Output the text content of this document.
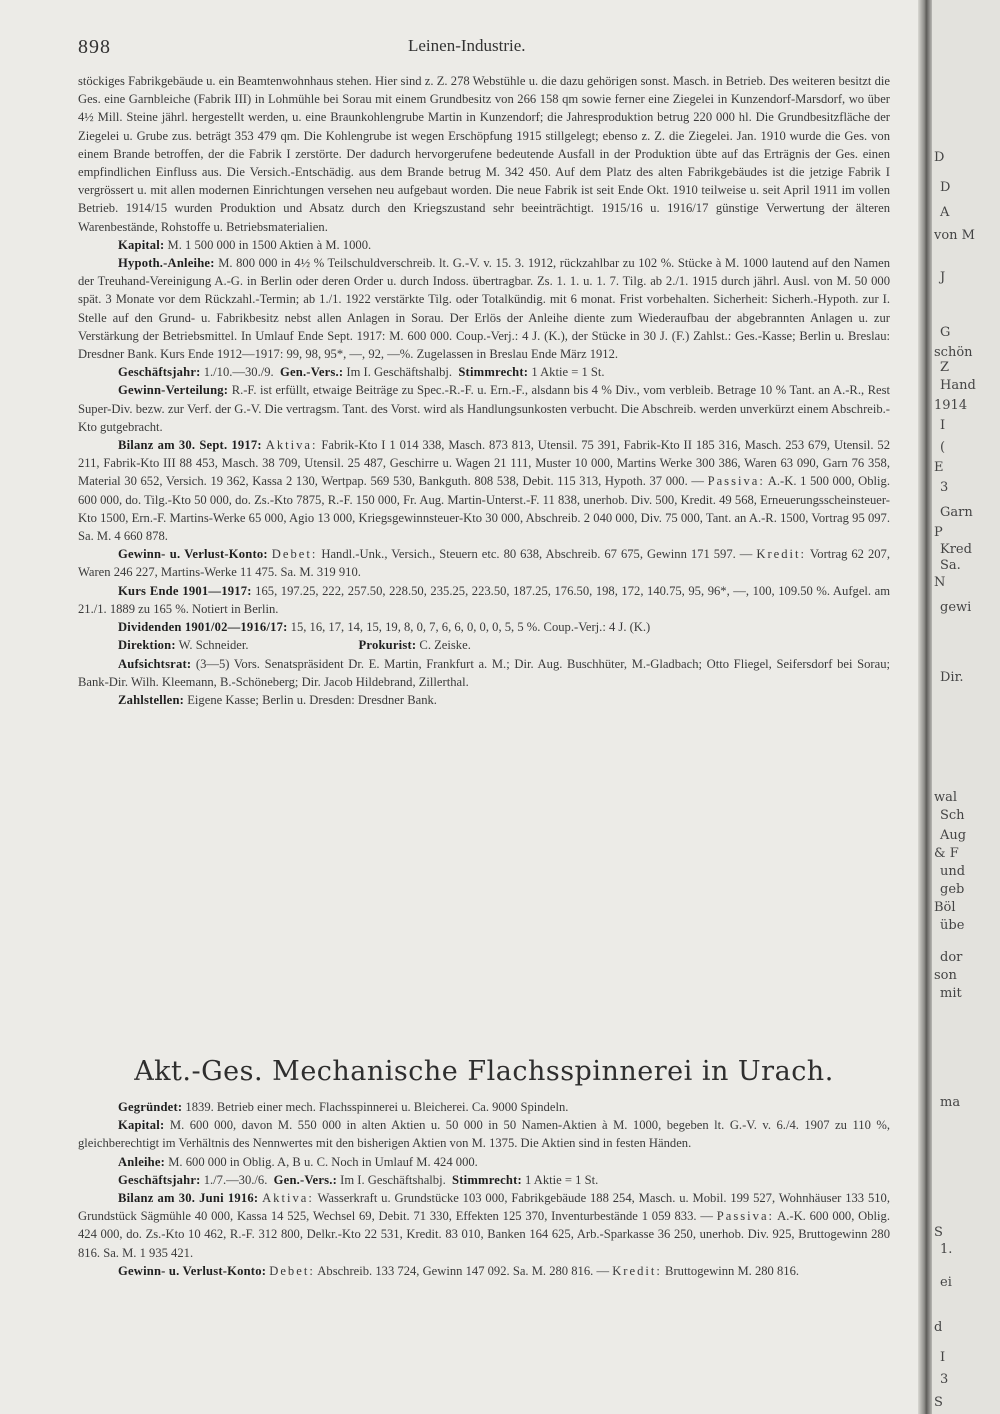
898	Leinen-Industrie.

stöckiges Fabrikgebäude u. ein Beamtenwohnhaus stehen. Hier sind z. Z. 278 Webstühle u. die dazu gehörigen sonst. Masch. in Betrieb. Des weiteren besitzt die Ges. eine Garnbleiche (Fabrik III) in Lohmühle bei Sorau mit einem Grundbesitz von 266 158 qm sowie ferner eine Ziegelei in Kunzendorf-Marsdorf, wo über 4½ Mill. Steine jährl. hergestellt werden, u. eine Braunkohlengrube Martin in Kunzendorf; die Jahresproduktion betrug 220 000 hl. Die Grundbesitzfläche der Ziegelei u. Grube zus. beträgt 353 479 qm. Die Kohlengrube ist wegen Erschöpfung 1915 stillgelegt; ebenso z. Z. die Ziegelei. Jan. 1910 wurde die Ges. von einem Brande betroffen, der die Fabrik I zerstörte. Der dadurch hervorgerufene bedeutende Ausfall in der Produktion übte auf das Erträgnis der Ges. einen empfindlichen Einfluss aus. Die Versich.-Entschädig. aus dem Brande betrug M. 342 450. Auf dem Platz des alten Fabrikgebäudes ist die jetzige Fabrik I vergrössert u. mit allen modernen Einrichtungen versehen neu aufgebaut worden. Die neue Fabrik ist seit Ende Okt. 1910 teilweise u. seit April 1911 im vollen Betrieb. 1914/15 wurden Produktion und Absatz durch den Kriegszustand sehr beeinträchtigt. 1915/16 u. 1916/17 günstige Verwertung der älteren Warenbestände, Rohstoffe u. Betriebsmaterialien.

Kapital: M. 1 500 000 in 1500 Aktien à M. 1000.

Hypoth.-Anleihe: M. 800 000 in 4½ % Teilschuldverschreib. lt. G.-V. v. 15. 3. 1912, rückzahlbar zu 102 %. Stücke à M. 1000 lautend auf den Namen der Treuhand-Vereinigung A.-G. in Berlin oder deren Order u. durch Indoss. übertragbar. Zs. 1. 1. u. 1. 7. Tilg. ab 2./1. 1915 durch jährl. Ausl. von M. 50 000 spät. 3 Monate vor dem Rückzahl.-Termin; ab 1./1. 1922 verstärkte Tilg. oder Totalkündig. mit 6 monat. Frist vorbehalten. Sicherheit: Sicherh.-Hypoth. zur I. Stelle auf den Grund- u. Fabrikbesitz nebst allen Anlagen in Sorau. Der Erlös der Anleihe diente zum Wiederaufbau der abgebrannten Anlagen u. zur Verstärkung der Betriebsmittel. In Umlauf Ende Sept. 1917: M. 600 000. Coup.-Verj.: 4 J. (K.), der Stücke in 30 J. (F.) Zahlst.: Ges.-Kasse; Berlin u. Breslau: Dresdner Bank. Kurs Ende 1912—1917: 99, 98, 95*, —, 92, —%. Zugelassen in Breslau Ende März 1912.

Geschäftsjahr: 1./10.—30./9. Gen.-Vers.: Im I. Geschäftshalbj. Stimmrecht: 1 Aktie = 1 St.

Gewinn-Verteilung: R.-F. ist erfüllt, etwaige Beiträge zu Spec.-R.-F. u. Ern.-F., alsdann bis 4 % Div., vom verbleib. Betrage 10 % Tant. an A.-R., Rest Super-Div. bezw. zur Verf. der G.-V. Die vertragsm. Tant. des Vorst. wird als Handlungsunkosten verbucht. Die Abschreib. werden unverkürzt einem Abschreib.-Kto gutgebracht.

Bilanz am 30. Sept. 1917: Aktiva: Fabrik-Kto I 1 014 338, Masch. 873 813, Utensil. 75 391, Fabrik-Kto II 185 316, Masch. 253 679, Utensil. 52 211, Fabrik-Kto III 88 453, Masch. 38 709, Utensil. 25 487, Geschirre u. Wagen 21 111, Muster 10 000, Martins Werke 300 386, Waren 63 090, Garn 76 358, Material 30 652, Versich. 19 362, Kassa 2 130, Wertpap. 569 530, Bankguth. 808 538, Debit. 115 313, Hypoth. 37 000. — Passiva: A.-K. 1 500 000, Oblig. 600 000, do. Tilg.-Kto 50 000, do. Zs.-Kto 7875, R.-F. 150 000, Fr. Aug. Martin-Unterst.-F. 11 838, unerhob. Div. 500, Kredit. 49 568, Erneuerungsscheinsteuer-Kto 1500, Ern.-F. Martins-Werke 65 000, Agio 13 000, Kriegsgewinnsteuer-Kto 30 000, Abschreib. 2 040 000, Div. 75 000, Tant. an A.-R. 1500, Vortrag 95 097. Sa. M. 4 660 878.

Gewinn- u. Verlust-Konto: Debet: Handl.-Unk., Versich., Steuern etc. 80 638, Abschreib. 67 675, Gewinn 171 597. — Kredit: Vortrag 62 207, Waren 246 227, Martins-Werke 11 475. Sa. M. 319 910.

Kurs Ende 1901—1917: 165, 197.25, 222, 257.50, 228.50, 235.25, 223.50, 187.25, 176.50, 198, 172, 140.75, 95, 96*, —, 100, 109.50 %. Aufgel. am 21./1. 1889 zu 165 %. Notiert in Berlin.

Dividenden 1901/02—1916/17: 15, 16, 17, 14, 15, 19, 8, 0, 7, 6, 6, 0, 0, 0, 5, 5 %. Coup.-Verj.: 4 J. (K.)

Direktion: W. Schneider.	Prokurist: C. Zeiske.

Aufsichtsrat: (3—5) Vors. Senatspräsident Dr. E. Martin, Frankfurt a. M.; Dir. Aug. Buschhüter, M.-Gladbach; Otto Fliegel, Seifersdorf bei Sorau; Bank-Dir. Wilh. Kleemann, B.-Schöneberg; Dir. Jacob Hildebrand, Zillerthal.

Zahlstellen: Eigene Kasse; Berlin u. Dresden: Dresdner Bank.

Akt.-Ges. Mechanische Flachsspinnerei in Urach.

Gegründet: 1839. Betrieb einer mech. Flachsspinnerei u. Bleicherei. Ca. 9000 Spindeln.

Kapital: M. 600 000, davon M. 550 000 in alten Aktien u. 50 000 in 50 Namen-Aktien à M. 1000, begeben lt. G.-V. v. 6./4. 1907 zu 110 %, gleichberechtigt im Verhältnis des Nennwertes mit den bisherigen Aktien von M. 1375. Die Aktien sind in festen Händen.

Anleihe: M. 600 000 in Oblig. A, B u. C. Noch in Umlauf M. 424 000.

Geschäftsjahr: 1./7.—30./6. Gen.-Vers.: Im I. Geschäftshalbj. Stimmrecht: 1 Aktie = 1 St.

Bilanz am 30. Juni 1916: Aktiva: Wasserkraft u. Grundstücke 103 000, Fabrikgebäude 188 254, Masch. u. Mobil. 199 527, Wohnhäuser 133 510, Grundstück Sägmühle 40 000, Kassa 14 525, Wechsel 69, Debit. 71 330, Effekten 125 370, Inventurbestände 1 059 833. — Passiva: A.-K. 600 000, Oblig. 424 000, do. Zs.-Kto 10 462, R.-F. 312 800, Delkr.-Kto 22 531, Kredit. 83 010, Banken 164 625, Arb.-Sparkasse 36 250, unerhob. Div. 925, Bruttogewinn 280 816. Sa. M. 1 935 421.

Gewinn- u. Verlust-Konto: Debet: Abschreib. 133 724, Gewinn 147 092. Sa. M. 280 816. — Kredit: Bruttogewinn M. 280 816.

D
D
A
von M
J
G
schön
Z
Hand
1914
I
(
E
3
Garn
P
Kred
Sa.
N
gewi
Dir.
wal
Sch
Aug
& F
und
geb
Böl
übe
dor
son
mit
ma
S
1.
ei
d
I
3
S
